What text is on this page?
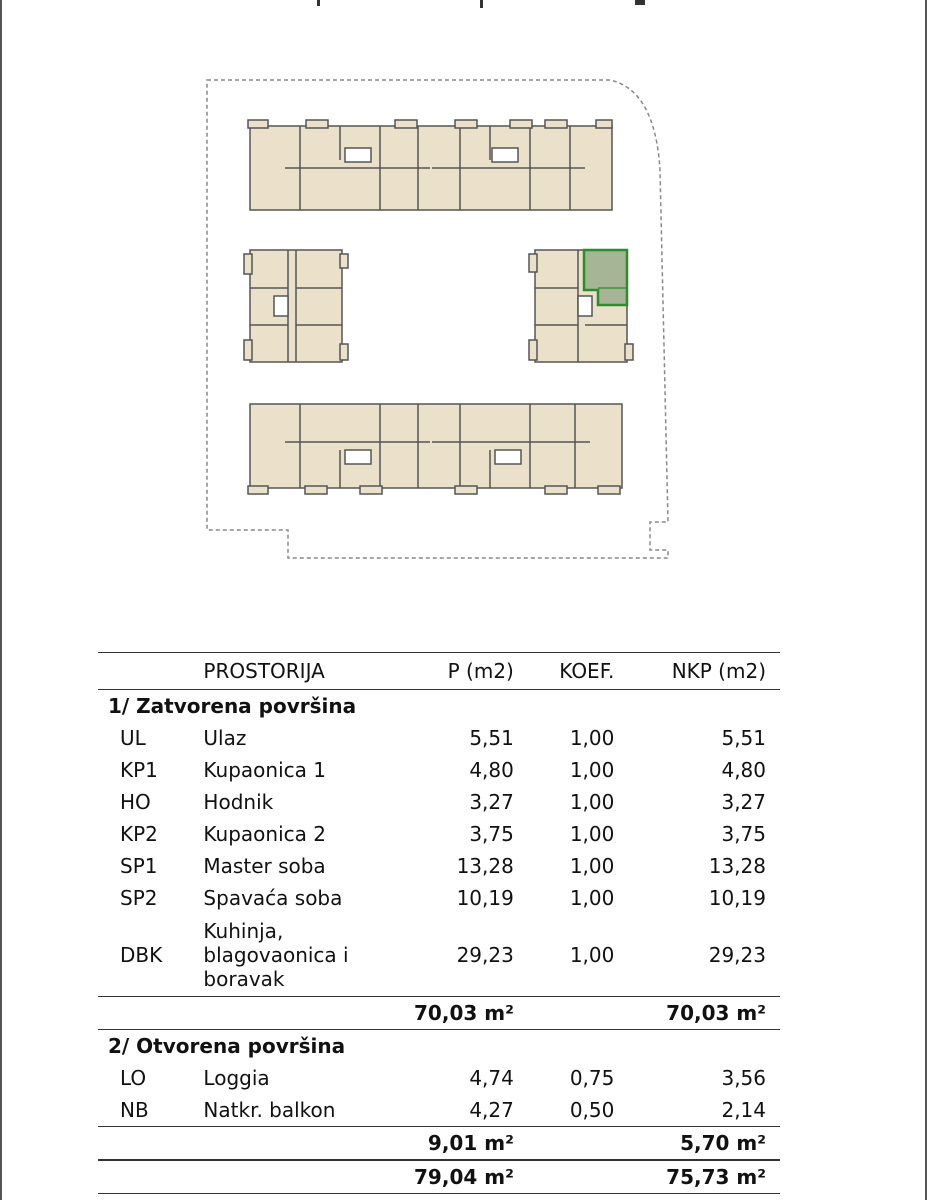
	PROSTORIJA	P (m2)	KOEF.	NKP (m2)
1/ Zatvorena površina				
UL	Ulaz	5,51	1,00	5,51
KP1	Kupaonica 1	4,80	1,00	4,80
HO	Hodnik	3,27	1,00	3,27
KP2	Kupaonica 2	3,75	1,00	3,75
SP1	Master soba	13,28	1,00	13,28
SP2	Spavaća soba	10,19	1,00	10,19
DBK	Kuhinja, blagovaonica i boravak	29,23	1,00	29,23
		70,03 m²		70,03 m²
2/ Otvorena površina				
LO	Loggia	4,74	0,75	3,56
NB	Natkr. balkon	4,27	0,50	2,14
		9,01 m²		5,70 m²
		79,04 m²		75,73 m²
